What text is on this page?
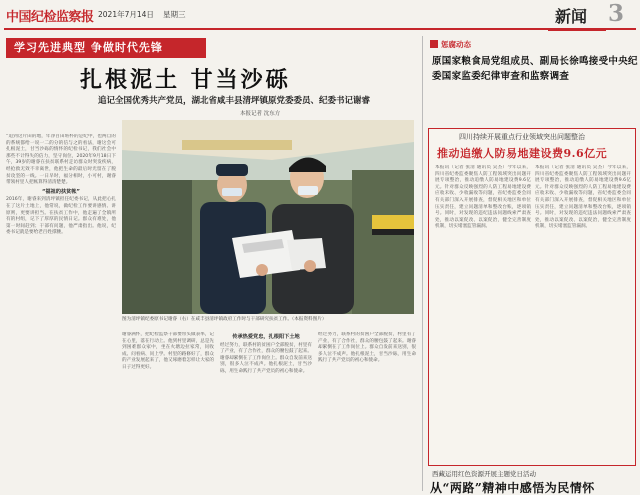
中国纪检监察报 2021年7月14日 星期三	新闻 3
学习先进典型 争做时代先锋
扎根泥土 甘当沙砾
追记全国优秀共产党员，湖北省咸丰县清坪镇原党委委员、纪委书记谢睿
本报记者 沈东方
“追到这片田的地，年净百田班杯的是纪中，也两自的的系统都给一说一二的分的信与之的看法，谢这会可扎根泥土，甘当沙砾的情怀的纪检书记，我们社会中那些不计得失的信力，坚守岗位，2020年9月18日下午，39岁的谢睿在扶贫联系村走访群众时突发疾病，经抢救无效不幸离世，他把生命的最后时光留在了脱贫攻坚的一线。一日早时，福分相时，小可村，谢睿带领村里人把帐算得清清楚楚。
“福祖的扶贫帐”
2016年，谢睿来到清坪镇担任纪委书记，从此把心扎在了这片土地上，他常说，做纪检工作要讲感情、讲原则，更要讲担当。在扶贫工作中，他走遍了全镇所有的村组，记下了厚厚的民情日记。群众有难处，他第一时间赶到；干部有问题，他严肃指出。他说，纪委书记就是要给老百姓撑腰。
图为清坪镇纪委原书记谢睿（右）在咸丰县清坪镇政府工作时与干部研究扶贫工作。（本报资料图片）
谢睿满怀，把纪检监察干部要带头做表率，记在心里，落在行动上。他到村里调研，总是先到困难群众家中，坐在火塘边拉家常，问收成、问看病、问上学。村里的路修好了，群众的产业发展起来了，他又琢磨着怎样让大家的日子过得更好。
传承热爱党忠，扎根阳下土地
经过努力，联系村的贫困户全部脱贫，村里有了产业，有了合作社，群众的腰包鼓了起来。谢睿却累倒在了工作岗位上。群众自发前来送别，很多人泣不成声。他扎根泥土，甘当沙砾，用生命践行了共产党员的初心和使命。
经过努力，联系村的贫困户全部脱贫，村里有了产业，有了合作社，群众的腰包鼓了起来。谢睿却累倒在了工作岗位上。群众自发前来送别，很多人泣不成声。他扎根泥土，甘当沙砾，用生命践行了共产党员的初心和使命。
惩腐动态
原国家粮食局党组成员、副局长徐鸣接受中央纪委国家监委纪律审查和监察调查
四川持续开展重点行业领域突出问题整治
推动追缴人防易地建设费9.6亿元
本报讯（记者 张清 通讯员 吴杰）今年以来，四川省纪委监委聚焦人防工程领域突出问题开展专项整治，推动追缴人防易地建设费9.6亿元。针对群众反映强烈的人防工程易地建设费应收未收、少收漏收等问题，省纪委监委会同有关部门深入开展排查，督促相关地区和单位压实责任，建立问题清单和整改台账，逐项销号。同时，对发现的违纪违法问题线索严肃查处，推动以案促改、以案促治，健全完善制度机制，切实堵塞监管漏洞。
本报讯（记者 张清 通讯员 吴杰）今年以来，四川省纪委监委聚焦人防工程领域突出问题开展专项整治，推动追缴人防易地建设费9.6亿元。针对群众反映强烈的人防工程易地建设费应收未收、少收漏收等问题，省纪委监委会同有关部门深入开展排查，督促相关地区和单位压实责任，建立问题清单和整改台账，逐项销号。同时，对发现的违纪违法问题线索严肃查处，推动以案促改、以案促治，健全完善制度机制，切实堵塞监管漏洞。
西藏运用红色资源开展主题党日活动
从“两路”精神中感悟为民情怀
